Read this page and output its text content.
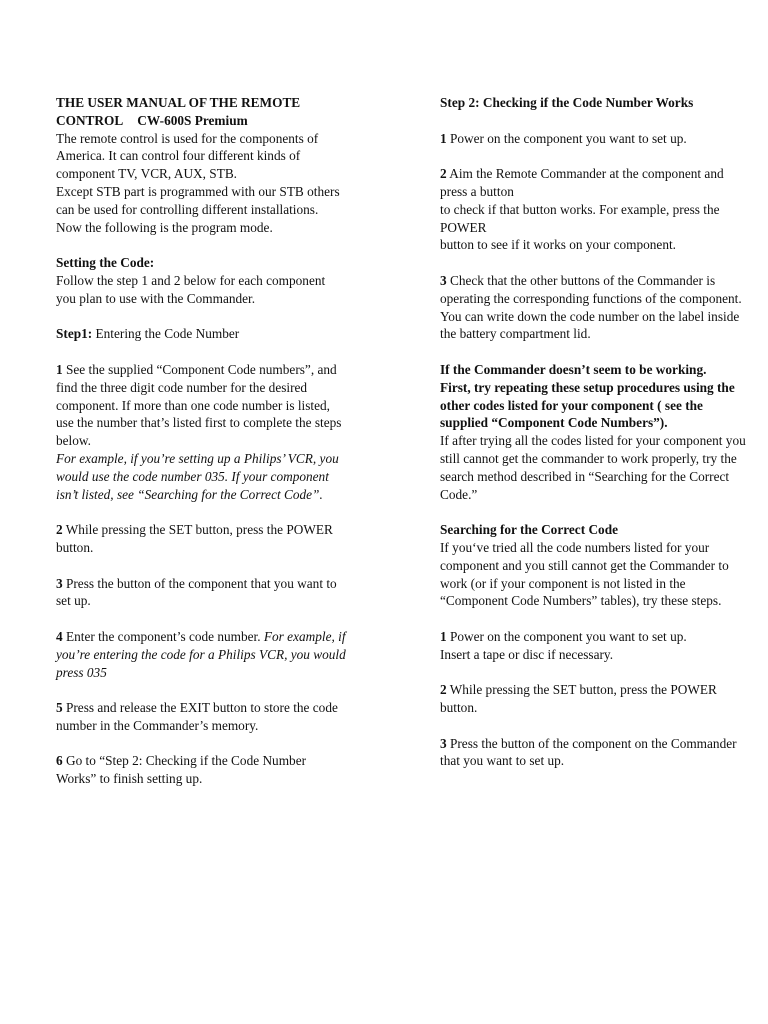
THE USER MANUAL OF THE REMOTE
CONTROL CW-600S Premium

The remote control is used for the components of America. It can control four different kinds of component TV, VCR, AUX, STB.

Except STB part is programmed with our STB others can be used for controlling different installations. Now the following is the program mode.

Setting the Code:
Follow the step 1 and 2 below for each component you plan to use with the Commander.

Step1: Entering the Code Number

1 See the supplied “Component Code numbers”, and find the three digit code number for the desired component. If more than one code number is listed, use the number that’s listed first to complete the steps below.
For example, if you’re setting up a Philips’ VCR, you would use the code number 035. If your component isn’t listed, see “Searching for the Correct Code”.

2 While pressing the SET button, press the POWER button.

3 Press the button of the component that you want to set up.

4 Enter the component’s code number. For example, if you’re entering the code for a Philips VCR, you would press 035

5 Press and release the EXIT button to store the code number in the Commander’s memory.

6 Go to “Step 2: Checking if the Code Number Works” to finish setting up.

Step 2: Checking if the Code Number Works

1 Power on the component you want to set up.

2 Aim the Remote Commander at the component and press a button
to check if that button works. For example, press the POWER
button to see if it works on your component.

3 Check that the other buttons of the Commander is operating the corresponding functions of the component. You can write down the code number on the label inside the battery compartment lid.

If the Commander doesn’t seem to be working.
First, try repeating these setup procedures using the other codes listed for your component ( see the supplied “Component Code Numbers”).
If after trying all the codes listed for your component you still cannot get the commander to work properly, try the search method described in “Searching for the Correct Code.”

Searching for the Correct Code
If you‘ve tried all the code numbers listed for your component and you still cannot get the Commander to work (or if your component is not listed in the “Component Code Numbers” tables), try these steps.

1 Power on the component you want to set up.
Insert a tape or disc if necessary.

2 While pressing the SET button, press the POWER button.

3 Press the button of the component on the Commander that you want to set up.
